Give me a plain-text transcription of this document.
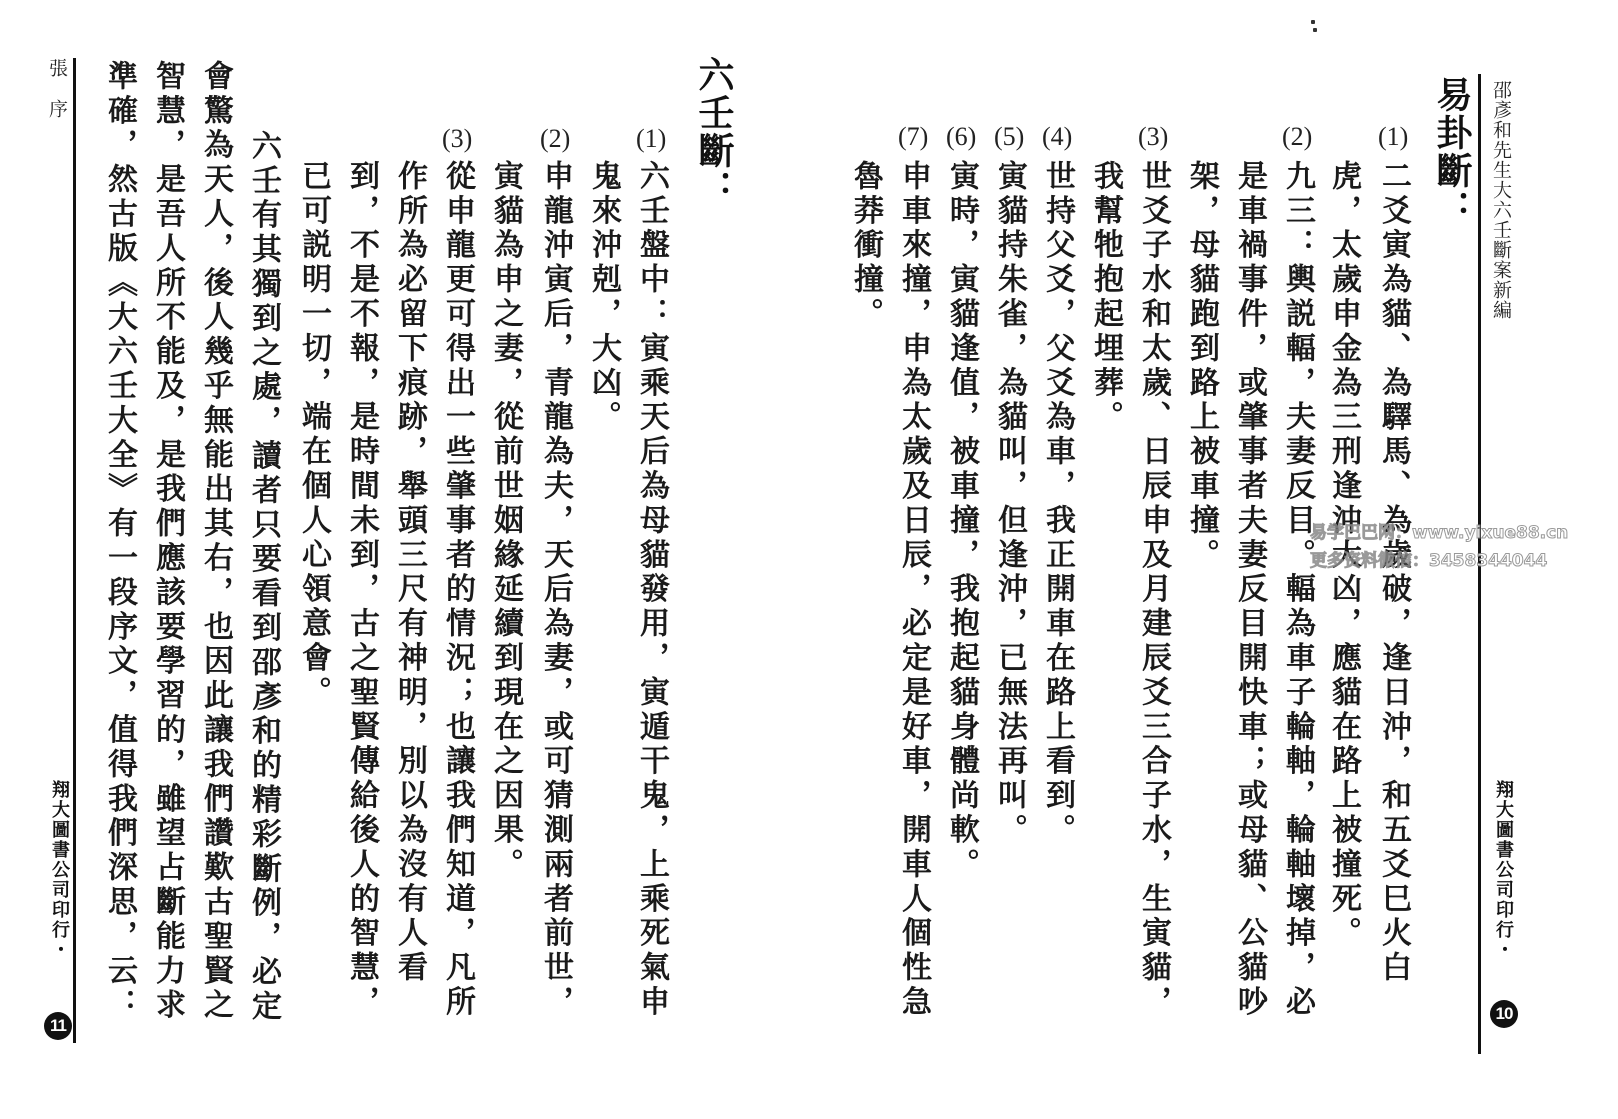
張序
翔大圖書公司印行・
11
六壬斷：
(1)
六壬盤中：寅乘天后為母貓發用，寅遁干鬼，上乘死氣申
鬼來沖剋，大凶。
(2)
申龍沖寅后，青龍為夫，天后為妻，或可猜測兩者前世，
寅貓為申之妻，從前世姻緣延續到現在之因果。
(3)
從申龍更可得出一些肇事者的情況；也讓我們知道，凡所
作所為必留下痕跡，舉頭三尺有神明，別以為沒有人看
到，不是不報，是時間未到，古之聖賢傳給後人的智慧，
已可説明一切，端在個人心領意會。
六壬有其獨到之處，讀者只要看到邵彥和的精彩斷例，必定
會驚為天人，後人幾乎無能出其右，也因此讓我們讚歎古聖賢之
智慧，是吾人所不能及，是我們應該要學習的，雖望占斷能力求
準確，然古版《大六壬大全》有一段序文，值得我們深思，云：	邵彥和先生大六壬斷案新編
翔大圖書公司印行・
10
易卦斷：
(1)
二爻寅為貓、為驛馬、為歲破，逢日沖，和五爻巳火白
虎，太歲申金為三刑逢沖大凶，應貓在路上被撞死。
(2)
九三：輿説輻，夫妻反目。輻為車子輪軸，輪軸壞掉，必
是車禍事件，或肇事者夫妻反目開快車；或母貓、公貓吵
架，母貓跑到路上被車撞。
(3)
世爻子水和太歲、日辰申及月建辰爻三合子水，生寅貓，
我幫牠抱起埋葬。
(4)
世持父爻，父爻為車，我正開車在路上看到。
(5)
寅貓持朱雀，為貓叫，但逢沖，已無法再叫。
(6)
寅時，寅貓逢值，被車撞，我抱起貓身體尚軟。
(7)
申車來撞，申為太歲及日辰，必定是好車，開車人個性急
魯莽衝撞。
易学巴巴网：www.yixue88.cn
更多资料微信：3458344044
